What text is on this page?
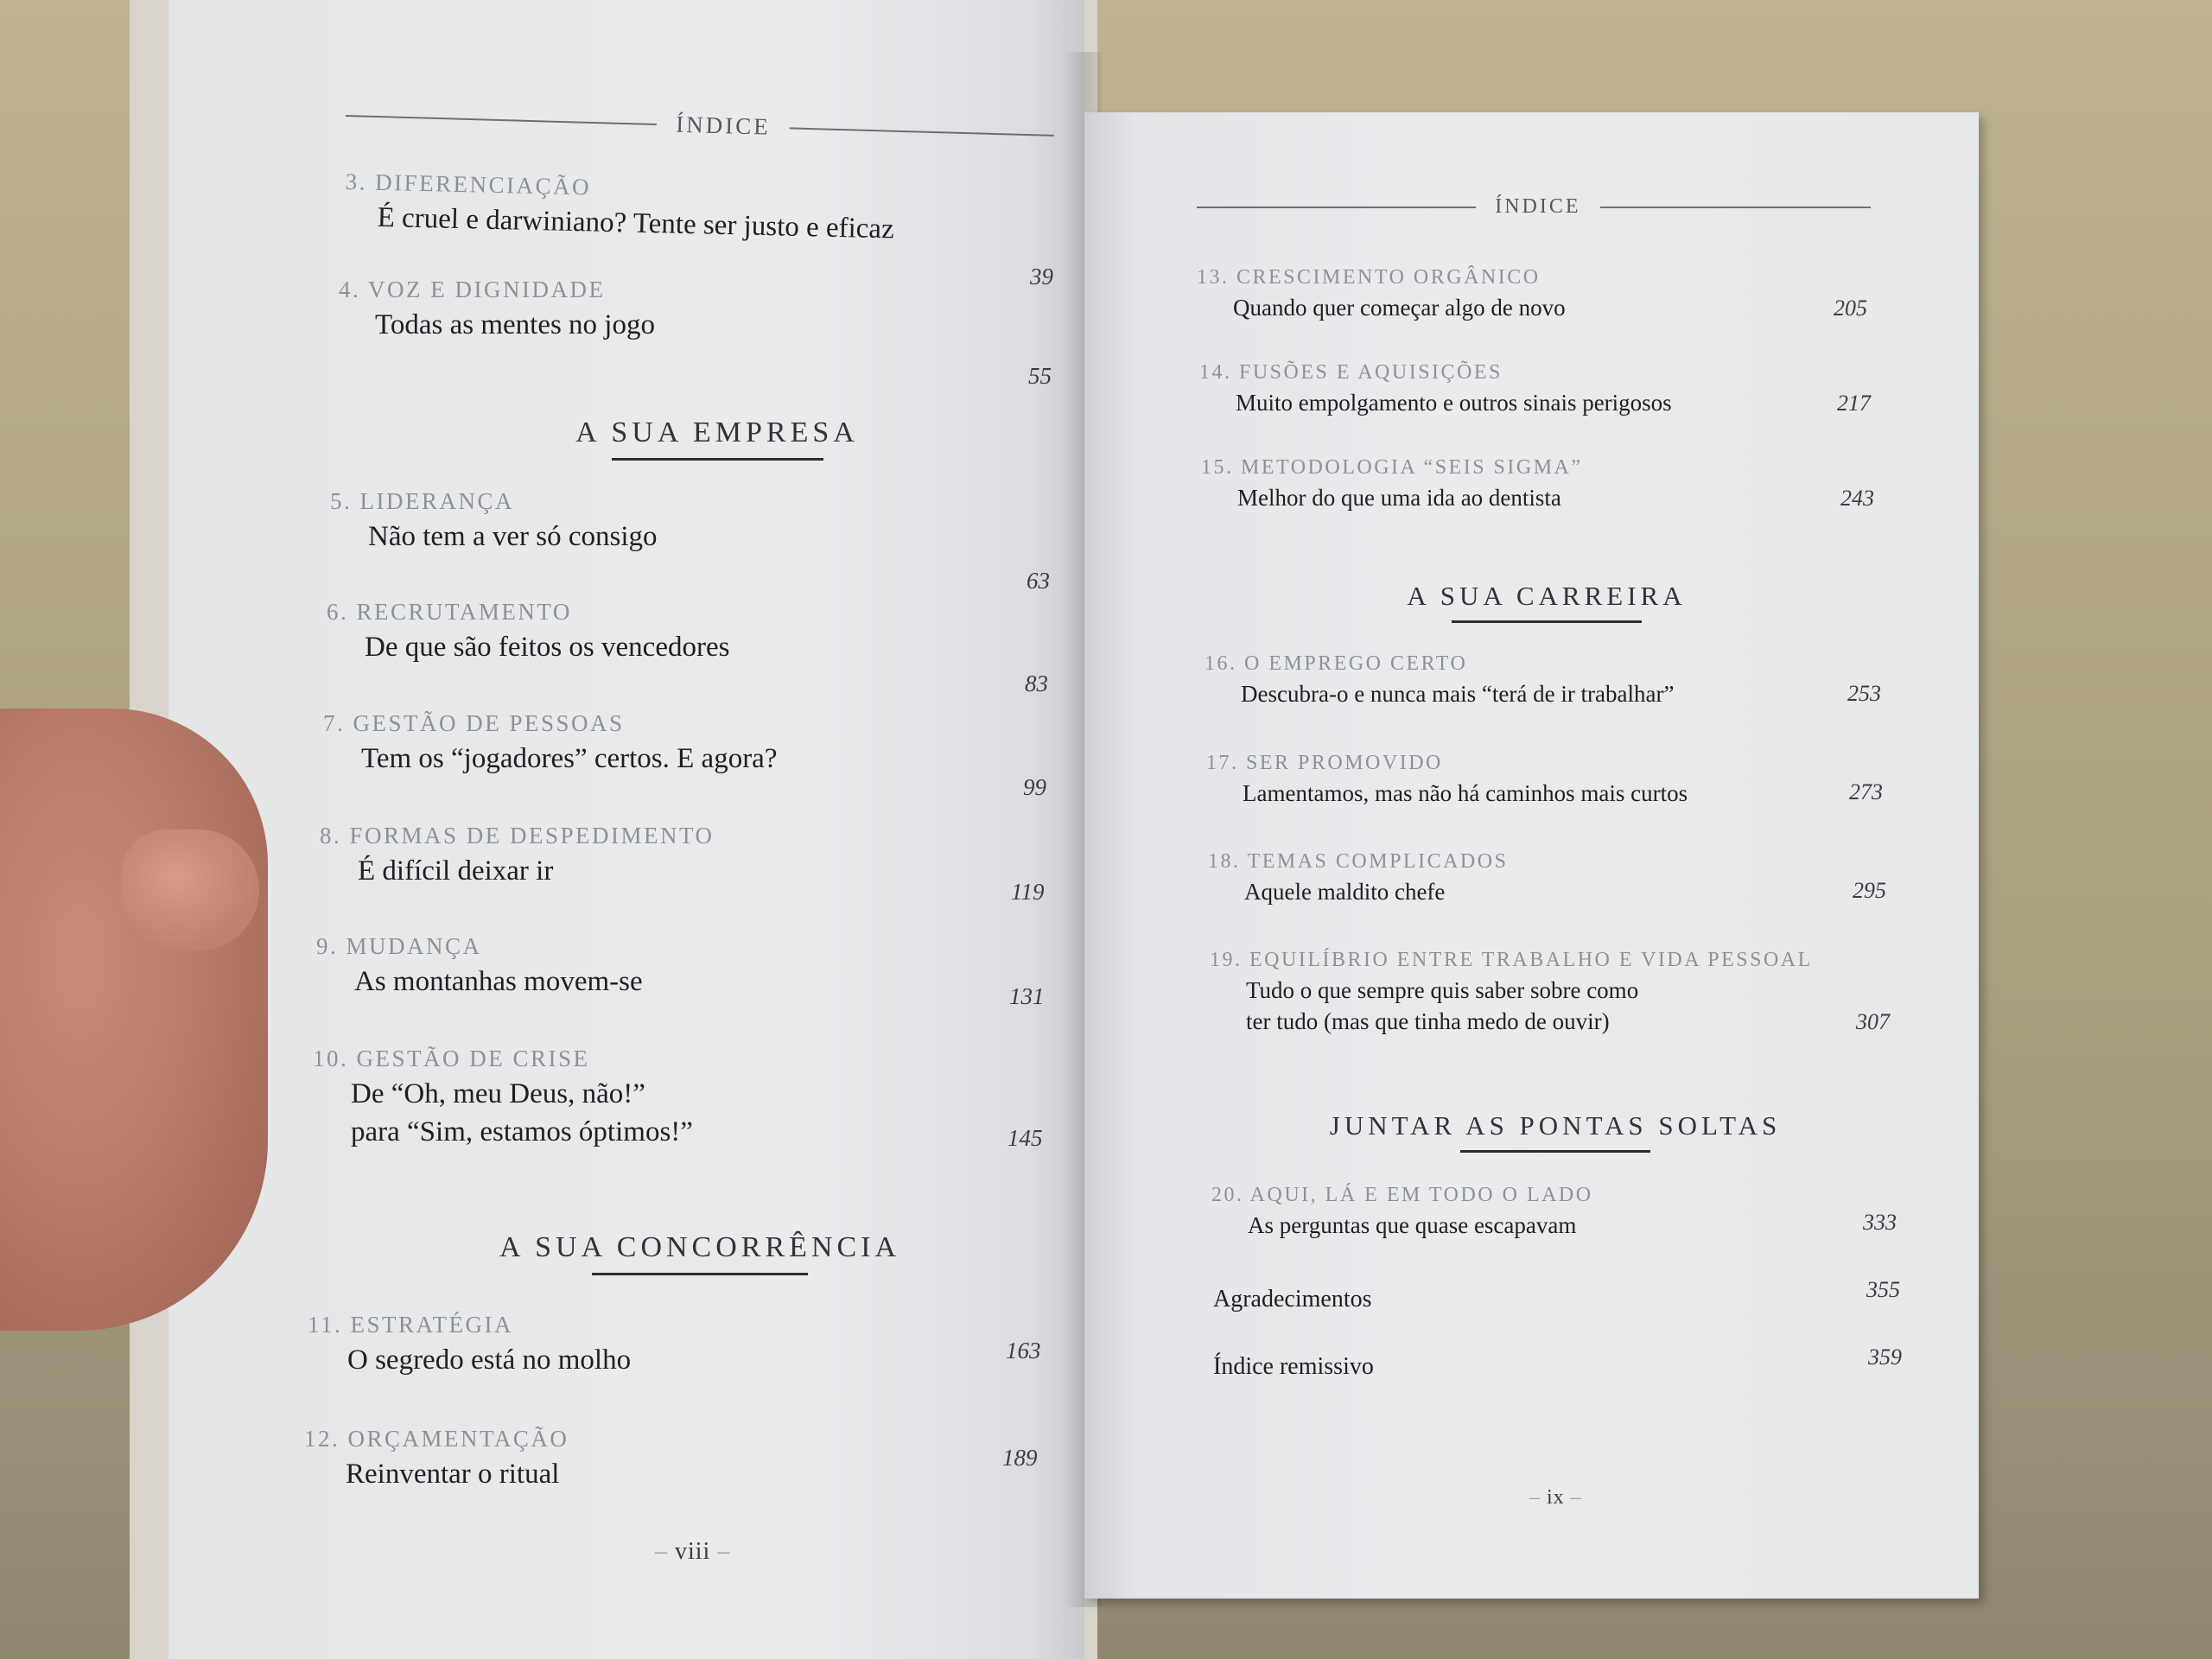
ÍNDICE
3. DIFERENCIAÇÃO
É cruel e darwiniano? Tente ser justo e eficaz
39
4. VOZ E DIGNIDADE
Todas as mentes no jogo
55
A SUA EMPRESA
5. LIDERANÇA
Não tem a ver só consigo
63
6. RECRUTAMENTO
De que são feitos os vencedores
83
7. GESTÃO DE PESSOAS
Tem os “jogadores” certos. E agora?
99
8. FORMAS DE DESPEDIMENTO
É difícil deixar ir
119
9. MUDANÇA
As montanhas movem-se	131
10. GESTÃO DE CRISE
De “Oh, meu Deus, não!”
para “Sim, estamos óptimos!”	145
A SUA CONCORRÊNCIA
11. ESTRATÉGIA
O segredo está no molho	163
12. ORÇAMENTAÇÃO
Reinventar o ritual
189
– viii –
ÍNDICE
13. CRESCIMENTO ORGÂNICO
Quando quer começar algo de novo	205
14. FUSÕES E AQUISIÇÕES
Muito empolgamento e outros sinais perigosos	217
15. METODOLOGIA “SEIS SIGMA”
Melhor do que uma ida ao dentista	243
A SUA CARREIRA
16. O EMPREGO CERTO
Descubra-o e nunca mais “terá de ir trabalhar”	253
17. SER PROMOVIDO
Lamentamos, mas não há caminhos mais curtos	273
18. TEMAS COMPLICADOS
Aquele maldito chefe	295
19. EQUILÍBRIO ENTRE TRABALHO E VIDA PESSOAL
Tudo o que sempre quis saber sobre como
ter tudo (mas que tinha medo de ouvir)	307
JUNTAR AS PONTAS SOLTAS
20. AQUI, LÁ E EM TODO O LADO
As perguntas que quase escapavam	333
Agradecimentos	355
Índice remissivo	359
– ix –
